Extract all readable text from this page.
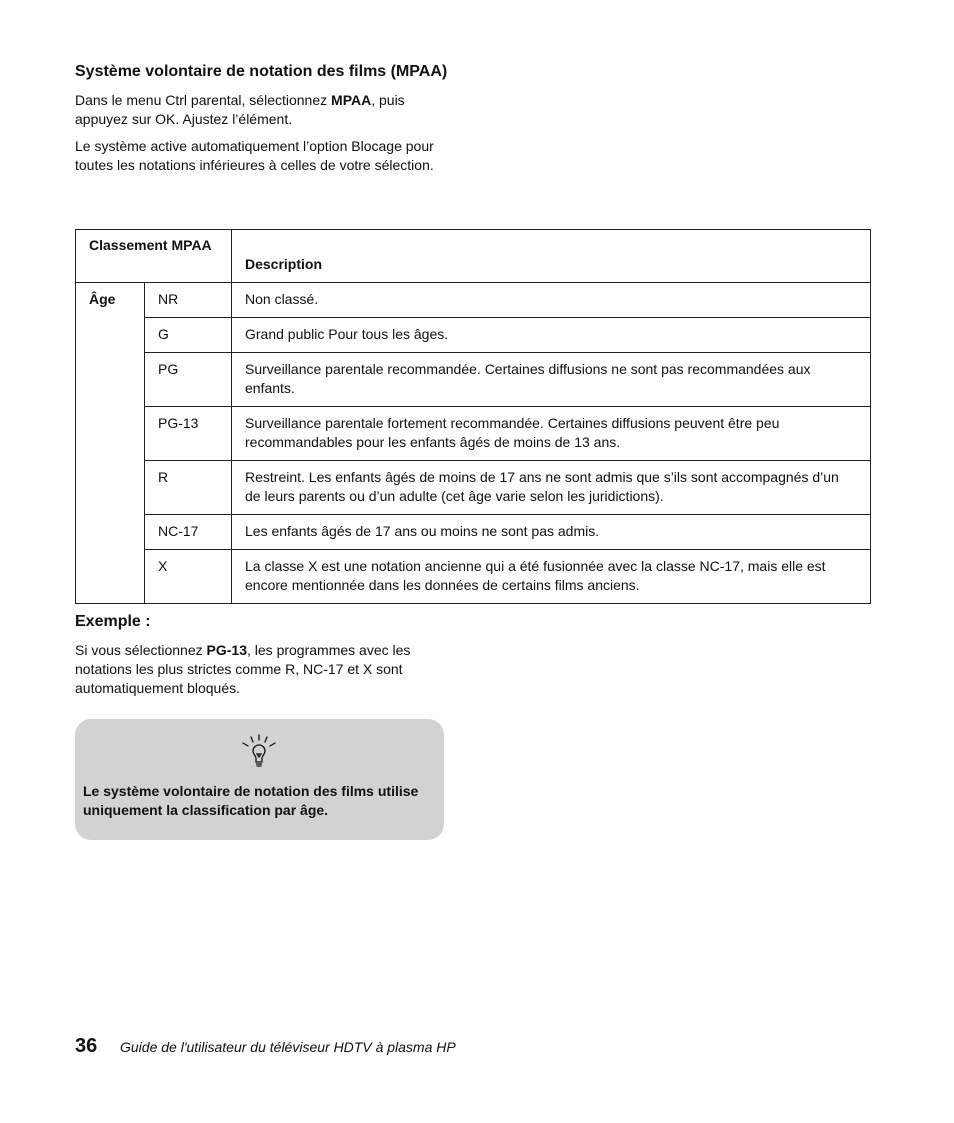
Système volontaire de notation des films (MPAA)
Dans le menu Ctrl parental, sélectionnez MPAA, puis appuyez sur OK. Ajustez l’élément.
Le système active automatiquement l’option Blocage pour toutes les notations inférieures à celles de votre sélection.
Classement MPAA		Description
Âge	NR	Non classé.
	G	Grand public Pour tous les âges.
	PG	Surveillance parentale recommandée. Certaines diffusions ne sont pas recommandées aux enfants.
	PG-13	Surveillance parentale fortement recommandée. Certaines diffusions peuvent être peu recommandables pour les enfants âgés de moins de 13 ans.
	R	Restreint. Les enfants âgés de moins de 17 ans ne sont admis que s’ils sont accompagnés d’un de leurs parents ou d’un adulte (cet âge varie selon les juridictions).
	NC-17	Les enfants âgés de 17 ans ou moins ne sont pas admis.
	X	La classe X est une notation ancienne qui a été fusionnée avec la classe NC-17, mais elle est encore mentionnée dans les données de certains films anciens.
Exemple :
Si vous sélectionnez PG-13, les programmes avec les notations les plus strictes comme R, NC-17 et X sont automatiquement bloqués.
Le système volontaire de notation des films utilise uniquement la classification par âge.
36 Guide de l'utilisateur du téléviseur HDTV à plasma HP
